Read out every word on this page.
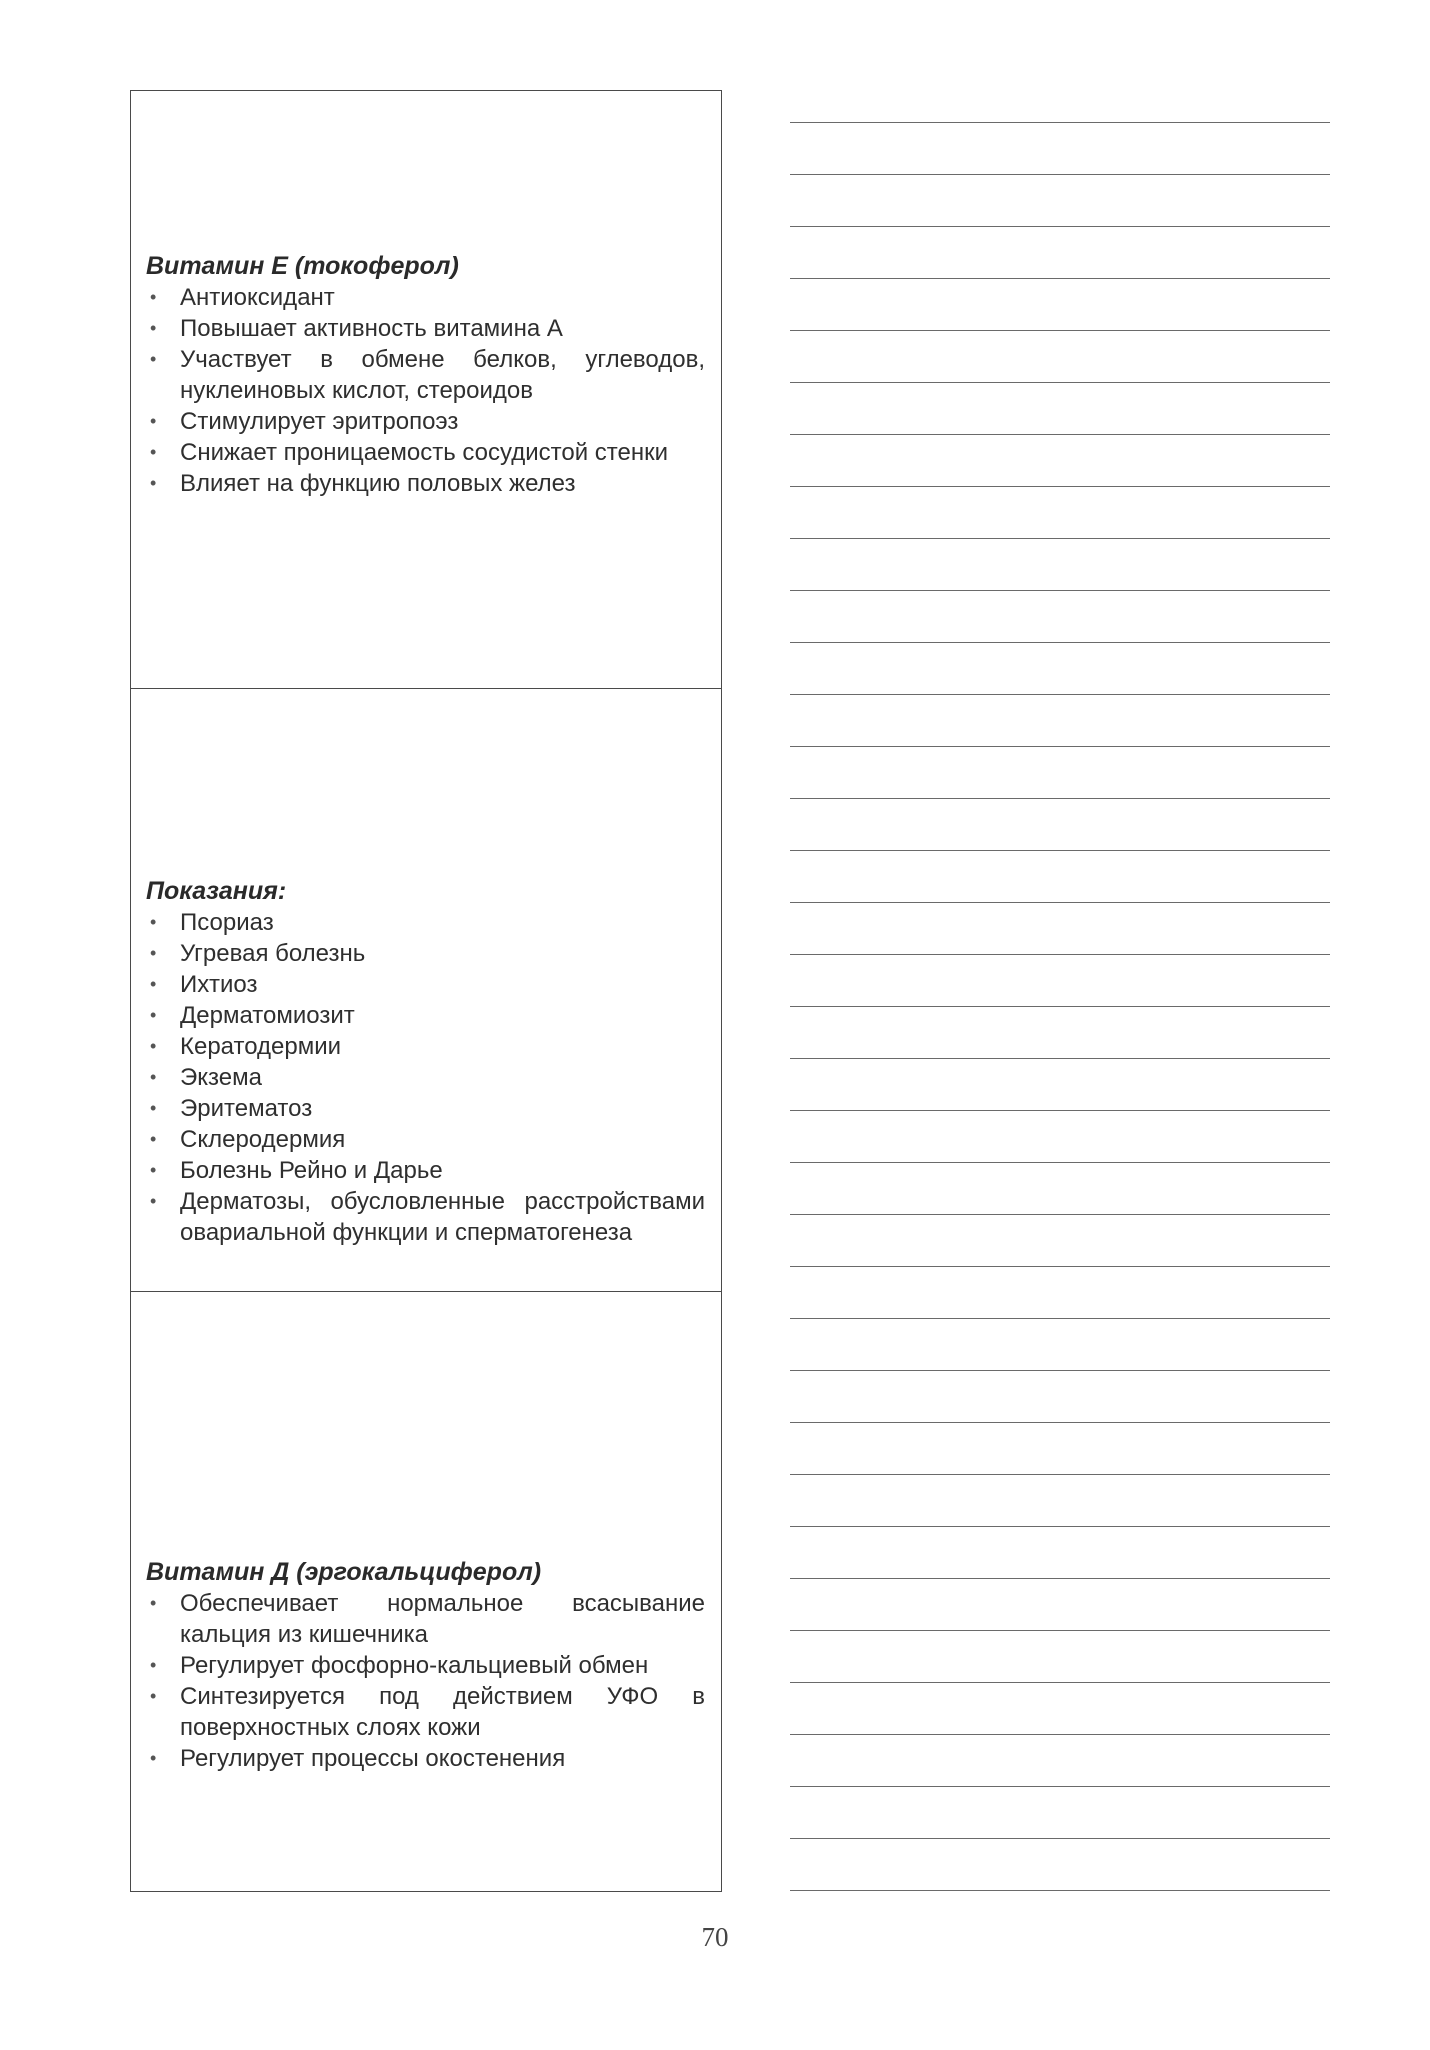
Витамин Е (токоферол)
• Антиоксидант
• Повышает активность витамина А
• Участвует в обмене белков, углеводов, нуклеиновых кислот, стероидов
• Стимулирует эритропоэз
• Снижает проницаемость сосудистой стенки
• Влияет на функцию половых желез
Показания:
• Псориаз
• Угревая болезнь
• Ихтиоз
• Дерматомиозит
• Кератодермии
• Экзема
• Эритематоз
• Склеродермия
• Болезнь Рейно и Дарье
• Дерматозы, обусловленные расстройствами овариальной функции и сперматогенеза
Витамин Д (эргокальциферол)
• Обеспечивает нормальное всасывание кальция из кишечника
• Регулирует фосфорно-кальциевый обмен
• Синтезируется под действием УФО в поверхностных слоях кожи
• Регулирует процессы окостенения
70
